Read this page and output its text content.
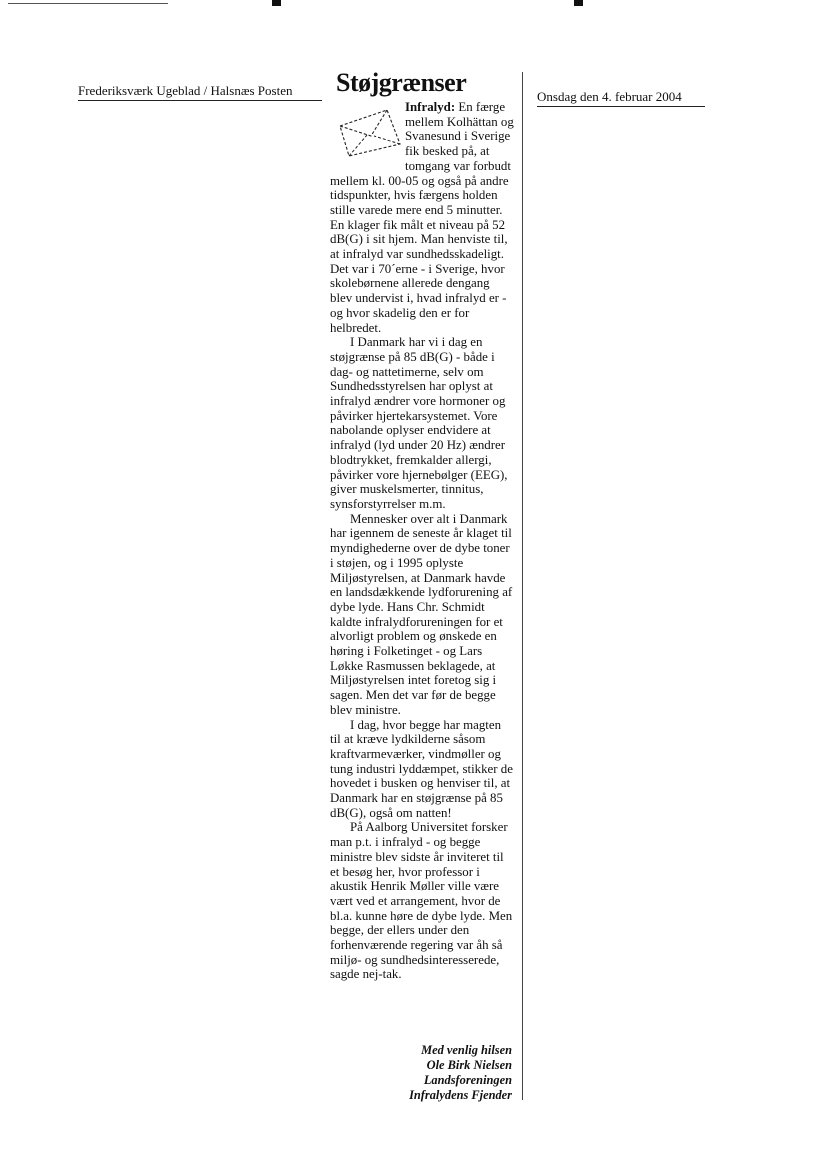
Frederiksværk Ugeblad / Halsnæs Posten	Onsdag den 4. februar 2004
Støjgrænser

Infralyd: En færge mellem Kolhättan og Svanesund i Sverige fik besked på, at tomgang var forbudt mellem kl. 00-05 og også på andre tidspunkter, hvis færgens holden stille varede mere end 5 minutter. En klager fik målt et niveau på 52 dB(G) i sit hjem. Man henviste til, at infralyd var sundhedsskadeligt. Det var i 70´erne - i Sverige, hvor skolebørnene allerede dengang blev undervist i, hvad infralyd er - og hvor skadelig den er for helbredet.

I Danmark har vi i dag en støjgrænse på 85 dB(G) - både i dag- og nattetimerne, selv om Sundhedsstyrelsen har oplyst at infralyd ændrer vore hormoner og påvirker hjertekarsystemet. Vore nabolande oplyser endvidere at infralyd (lyd under 20 Hz) ændrer blodtrykket, fremkalder allergi, påvirker vore hjernebølger (EEG), giver muskelsmerter, tinnitus, synsforstyrrelser m.m.

Mennesker over alt i Danmark har igennem de seneste år klaget til myndighederne over de dybe toner i støjen, og i 1995 oplyste Miljøstyrelsen, at Danmark havde en landsdækkende lydforurening af dybe lyde. Hans Chr. Schmidt kaldte infralydforureningen for et alvorligt problem og ønskede en høring i Folketinget - og Lars Løkke Rasmussen beklagede, at Miljøstyrelsen intet foretog sig i sagen. Men det var før de begge blev ministre.

I dag, hvor begge har magten til at kræve lydkilderne såsom kraftvarmeværker, vindmøller og tung industri lyddæmpet, stikker de hovedet i busken og henviser til, at Danmark har en støjgrænse på 85 dB(G), også om natten!

På Aalborg Universitet forsker man p.t. i infralyd - og begge ministre blev sidste år inviteret til et besøg her, hvor professor i akustik Henrik Møller ville være vært ved et arrangement, hvor de bl.a. kunne høre de dybe lyde. Men begge, der ellers under den forhenværende regering var åh så miljø- og sundhedsinteresserede, sagde nej-tak.

Med venlig hilsen
Ole Birk Nielsen
Landsforeningen
Infralydens Fjender
